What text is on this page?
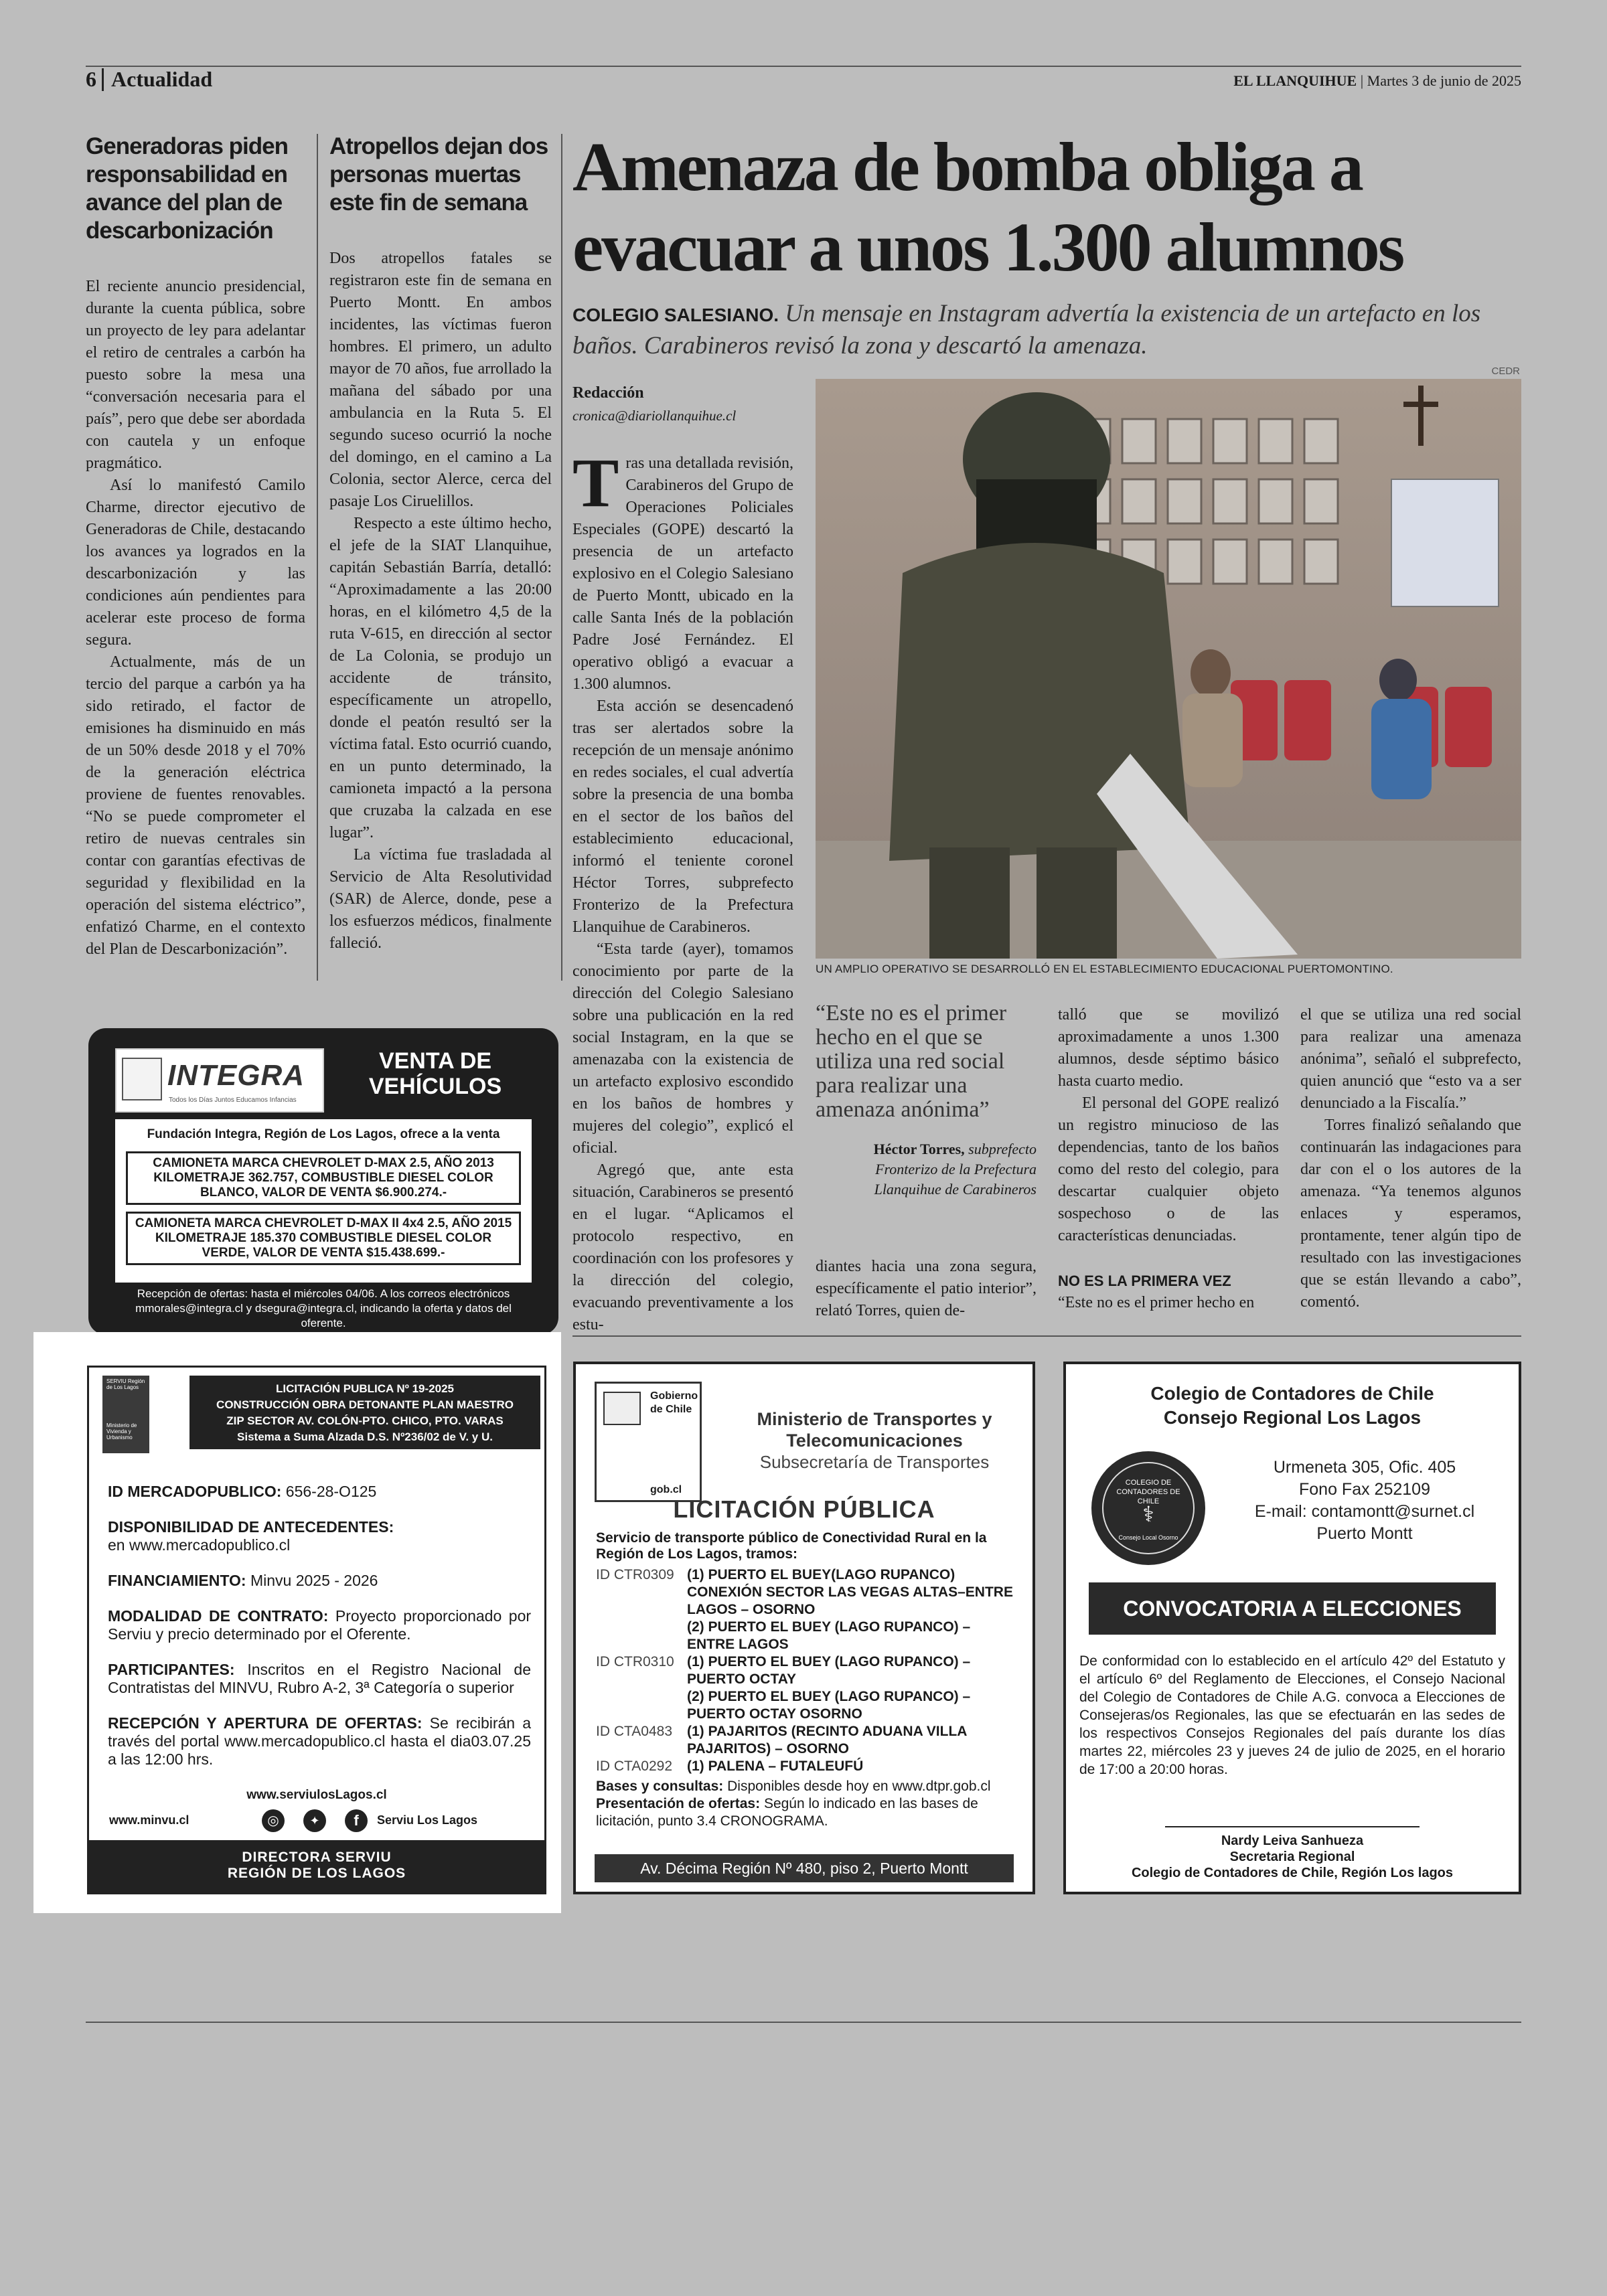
6 Actualidad	EL LLANQUIHUE | Martes 3 de junio de 2025
Generadoras piden responsabilidad en avance del plan de descarbonización

El reciente anuncio presidencial, durante la cuenta pública, sobre un proyecto de ley para adelantar el retiro de centrales a carbón ha puesto sobre la mesa una “conversación necesaria para el país”, pero que debe ser abordada con cautela y un enfoque pragmático.

Así lo manifestó Camilo Charme, director ejecutivo de Generadoras de Chile, destacando los avances ya logrados en la descarbonización y las condiciones aún pendientes para acelerar este proceso de forma segura.

Actualmente, más de un tercio del parque a carbón ya ha sido retirado, el factor de emisiones ha disminuido en más de un 50% desde 2018 y el 70% de la generación eléctrica proviene de fuentes renovables. “No se puede comprometer el retiro de nuevas centrales sin contar con garantías efectivas de seguridad y flexibilidad en la operación del sistema eléctrico”, enfatizó Charme, en el contexto del Plan de Descarbonización”.

Atropellos dejan dos personas muertas este fin de semana

Dos atropellos fatales se registraron este fin de semana en Puerto Montt. En ambos incidentes, las víctimas fueron hombres. El primero, un adulto mayor de 70 años, fue arrollado la mañana del sábado por una ambulancia en la Ruta 5. El segundo suceso ocurrió la noche del domingo, en el camino a La Colonia, sector Alerce, cerca del pasaje Los Ciruelillos.

Respecto a este último hecho, el jefe de la SIAT Llanquihue, capitán Sebastián Barría, detalló: “Aproximadamente a las 20:00 horas, en el kilómetro 4,5 de la ruta V-615, en dirección al sector de La Colonia, se produjo un accidente de tránsito, específicamente un atropello, donde el peatón resultó ser la víctima fatal. Esto ocurrió cuando, en un punto determinado, la camioneta impactó a la persona que cruzaba la calzada en ese lugar”.

La víctima fue trasladada al Servicio de Alta Resolutividad (SAR) de Alerce, donde, pese a los esfuerzos médicos, finalmente falleció.

Amenaza de bomba obliga a
evacuar a unos 1.300 alumnos
COLEGIO SALESIANO. Un mensaje en Instagram advertía la existencia de un artefacto en los baños. Carabineros revisó la zona y descartó la amenaza.
Redacción
cronica@diariollanquihue.cl
CEDR
UN AMPLIO OPERATIVO SE DESARROLLÓ EN EL ESTABLECIMIENTO EDUCACIONAL PUERTOMONTINO.

Tras una detallada revisión, Carabineros del Grupo de Operaciones Policiales Especiales (GOPE) descartó la presencia de un artefacto explosivo en el Colegio Salesiano de Puerto Montt, ubicado en la calle Santa Inés de la población Padre José Fernández. El operativo obligó a evacuar a 1.300 alumnos.

Esta acción se desencadenó tras ser alertados sobre la recepción de un mensaje anónimo en redes sociales, el cual advertía sobre la presencia de una bomba en el sector de los baños del establecimiento educacional, informó el teniente coronel Héctor Torres, subprefecto Fronterizo de la Prefectura Llanquihue de Carabineros.

“Esta tarde (ayer), tomamos conocimiento por parte de la dirección del Colegio Salesiano sobre una publicación en la red social Instagram, en la que se amenazaba con la existencia de un artefacto explosivo escondido en los baños de hombres y mujeres del colegio”, explicó el oficial.

Agregó que, ante esta situación, Carabineros se presentó en el lugar. “Aplicamos el protocolo respectivo, en coordinación con los profesores y la dirección del colegio, evacuando preventivamente a los estu-

“Este no es el primer hecho en el que se utiliza una red social para realizar una amenaza anónima”
Héctor Torres, subprefecto Fronterizo de la Prefectura Llanquihue de Carabineros

diantes hacia una zona segura, específicamente el patio interior”, relató Torres, quien de-

talló que se movilizó aproximadamente a unos 1.300 alumnos, desde séptimo básico hasta cuarto medio.

El personal del GOPE realizó un registro minucioso de las dependencias, tanto de los baños como del resto del colegio, para descartar cualquier objeto sospechoso o de las características denunciadas.

NO ES LA PRIMERA VEZ

“Este no es el primer hecho en

el que se utiliza una red social para realizar una amenaza anónima”, señaló el subprefecto, quien anunció que “esto va a ser denunciado a la Fiscalía.”

Torres finalizó señalando que continuarán las indagaciones para dar con el o los autores de la amenaza. “Ya tenemos algunos enlaces y esperamos, prontamente, tener algún tipo de resultado con las investigaciones que se están llevando a cabo”, comentó.

INTEGRA
Todos los Días Juntos Educamos Infancias
VENTA DE
VEHÍCULOS
Fundación Integra, Región de Los Lagos, ofrece a la venta
CAMIONETA MARCA CHEVROLET D-MAX 2.5, AÑO 2013 KILOMETRAJE 362.757, COMBUSTIBLE DIESEL COLOR BLANCO, VALOR DE VENTA $6.900.274.-
CAMIONETA MARCA CHEVROLET D-MAX II 4x4 2.5, AÑO 2015 KILOMETRAJE 185.370 COMBUSTIBLE DIESEL COLOR VERDE, VALOR DE VENTA $15.438.699.-
Recepción de ofertas: hasta el miércoles 04/06. A los correos electrónicos mmorales@integra.cl y dsegura@integra.cl, indicando la oferta y datos del oferente.
SERVIU Región de Los Lagos
Ministerio de Vivienda y Urbanismo
LICITACIÓN PUBLICA Nº 19-2025
CONSTRUCCIÓN OBRA DETONANTE PLAN MAESTRO
ZIP SECTOR AV. COLÓN-PTO. CHICO, PTO. VARAS
Sistema a Suma Alzada D.S. Nº236/02 de V. y U.
ID MERCADOPUBLICO: 656-28-O125
DISPONIBILIDAD DE ANTECEDENTES:
en www.mercadopublico.cl
FINANCIAMIENTO: Minvu 2025 - 2026
MODALIDAD DE CONTRATO: Proyecto proporcionado por Serviu y precio determinado por el Oferente.
PARTICIPANTES: Inscritos en el Registro Nacional de Contratistas del MINVU, Rubro A-2, 3ª Categoría o superior
RECEPCIÓN Y APERTURA DE OFERTAS: Se recibirán a través del portal www.mercadopublico.cl hasta el dia03.07.25 a las 12:00 hrs.
www.serviulosLagos.cl
www.minvu.cl	◎	✦	f	Serviu Los Lagos
DIRECTORA SERVIU
REGIÓN DE LOS LAGOS
Gobierno
de Chile
gob.cl
Ministerio de Transportes y
Telecomunicaciones
Subsecretaría de Transportes
LICITACIÓN PÚBLICA
Servicio de transporte público de Conectividad Rural en la Región de Los Lagos, tramos:
ID CTR0309 (1) PUERTO EL BUEY(LAGO RUPANCO) CONEXIÓN SECTOR LAS VEGAS ALTAS–ENTRE LAGOS – OSORNO
(2) PUERTO EL BUEY (LAGO RUPANCO) – ENTRE LAGOS
ID CTR0310 (1) PUERTO EL BUEY (LAGO RUPANCO) – PUERTO OCTAY
(2) PUERTO EL BUEY (LAGO RUPANCO) – PUERTO OCTAY OSORNO
ID CTA0483	(1) PAJARITOS (RECINTO ADUANA VILLA PAJARITOS) – OSORNO
ID CTA0292	(1) PALENA – FUTALEUFÚ
Bases y consultas: Disponibles desde hoy en www.dtpr.gob.cl
Presentación de ofertas: Según lo indicado en las bases de licitación, punto 3.4 CRONOGRAMA.
Av. Décima Región Nº 480, piso 2, Puerto Montt
Colegio de Contadores de Chile
Consejo Regional Los Lagos
COLEGIO DE CONTADORES DE CHILE
⚕
Consejo Local Osorno
Urmeneta 305, Ofic. 405
Fono Fax 252109
E-mail: contamontt@surnet.cl
Puerto Montt
CONVOCATORIA A ELECCIONES
De conformidad con lo establecido en el artículo 42º del Estatuto y el artículo 6º del Reglamento de Elecciones, el Consejo Nacional del Colegio de Contadores de Chile A.G. convoca a Elecciones de Consejeras/os Regionales, las que se efectuarán en las sedes de los respectivos Consejos Regionales del país durante los días martes 22, miércoles 23 y jueves 24 de julio de 2025, en el horario de 17:00 a 20:00 horas.
Nardy Leiva Sanhueza
Secretaria Regional
Colegio de Contadores de Chile, Región Los lagos
